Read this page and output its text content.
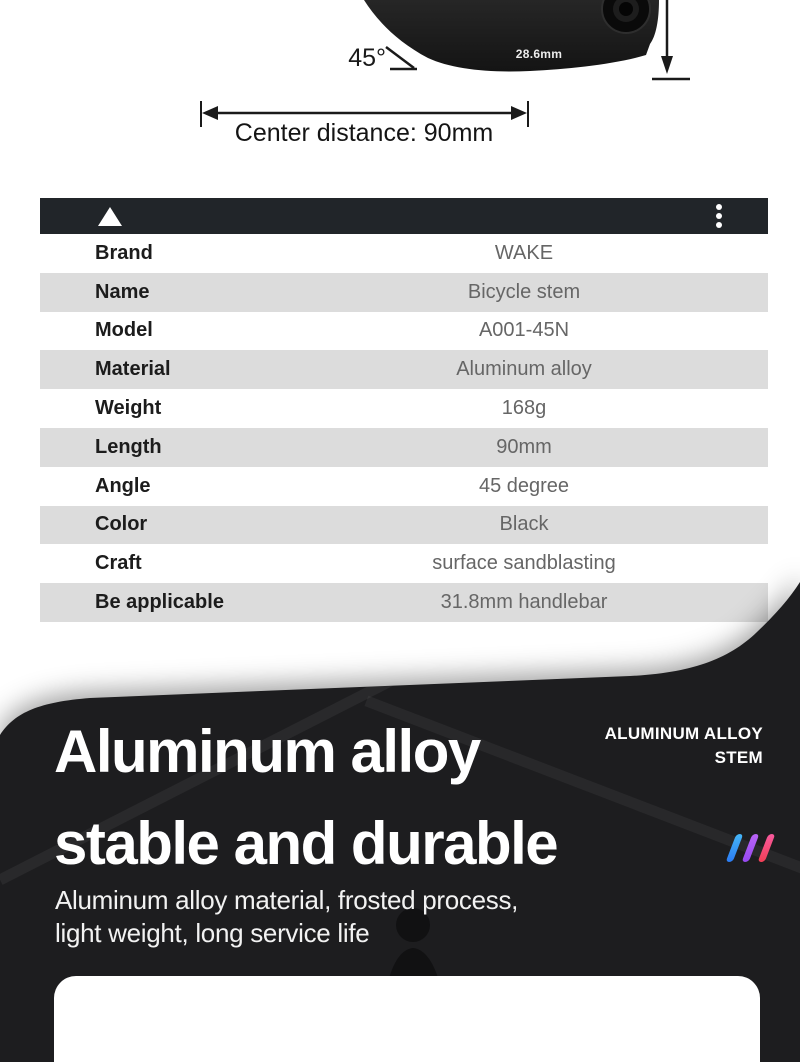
45°	28.6mm
Center distance: 90mm
Brand	WAKE
Name	Bicycle stem
Model	A001-45N
Material	Aluminum alloy
Weight	168g
Length	90mm
Angle	45 degree
Color	Black
Craft	surface sandblasting
Be applicable	31.8mm handlebar
ALUMINUM ALLOY
STEM
Aluminum alloy
stable and durable
Aluminum alloy material, frosted process,
light weight, long service life
